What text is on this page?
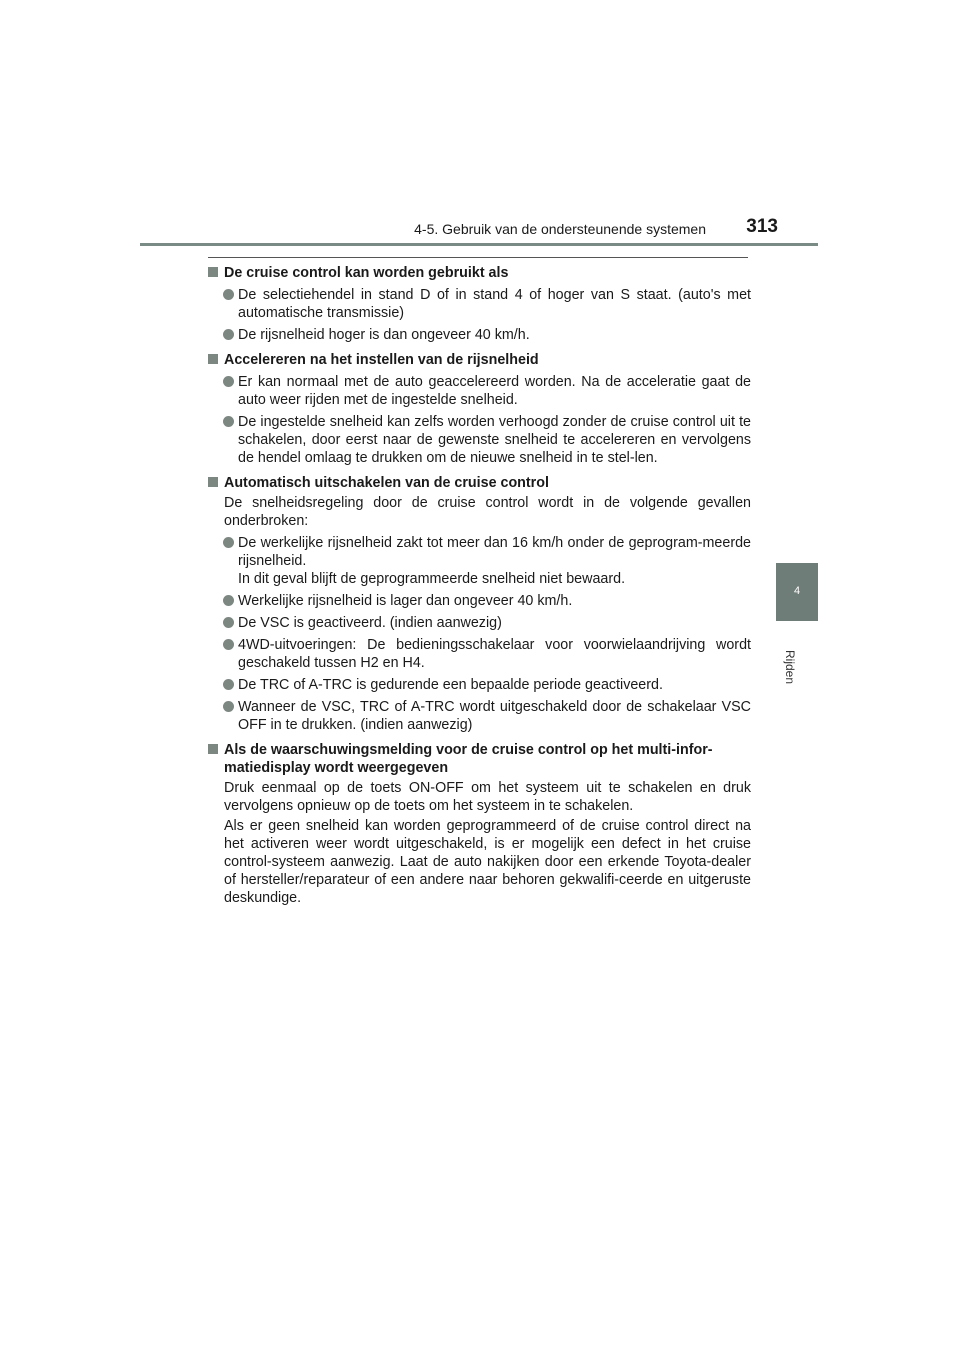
4-5. Gebruik van de ondersteunende systemen	313
4
Rijden
De cruise control kan worden gebruikt als
De selectiehendel in stand D of in stand 4 of hoger van S staat. (auto's met automatische transmissie)
De rijsnelheid hoger is dan ongeveer 40 km/h.
Accelereren na het instellen van de rijsnelheid
Er kan normaal met de auto geaccelereerd worden. Na de acceleratie gaat de auto weer rijden met de ingestelde snelheid.
De ingestelde snelheid kan zelfs worden verhoogd zonder de cruise control uit te schakelen, door eerst naar de gewenste snelheid te accelereren en vervolgens de hendel omlaag te drukken om de nieuwe snelheid in te stel-len.
Automatisch uitschakelen van de cruise control
De snelheidsregeling door de cruise control wordt in de volgende gevallen onderbroken:
De werkelijke rijsnelheid zakt tot meer dan 16 km/h onder de geprogram-meerde rijsnelheid.
In dit geval blijft de geprogrammeerde snelheid niet bewaard.
Werkelijke rijsnelheid is lager dan ongeveer 40 km/h.
De VSC is geactiveerd. (indien aanwezig)
4WD-uitvoeringen: De bedieningsschakelaar voor voorwielaandrijving wordt geschakeld tussen H2 en H4.
De TRC of A-TRC is gedurende een bepaalde periode geactiveerd.
Wanneer de VSC, TRC of A-TRC wordt uitgeschakeld door de schakelaar VSC OFF in te drukken. (indien aanwezig)
Als de waarschuwingsmelding voor de cruise control op het multi-infor-matiedisplay wordt weergegeven
Druk eenmaal op de toets ON-OFF om het systeem uit te schakelen en druk vervolgens opnieuw op de toets om het systeem in te schakelen.
Als er geen snelheid kan worden geprogrammeerd of de cruise control direct na het activeren weer wordt uitgeschakeld, is er mogelijk een defect in het cruise control-systeem aanwezig. Laat de auto nakijken door een erkende Toyota-dealer of hersteller/reparateur of een andere naar behoren gekwalifi-ceerde en uitgeruste deskundige.
